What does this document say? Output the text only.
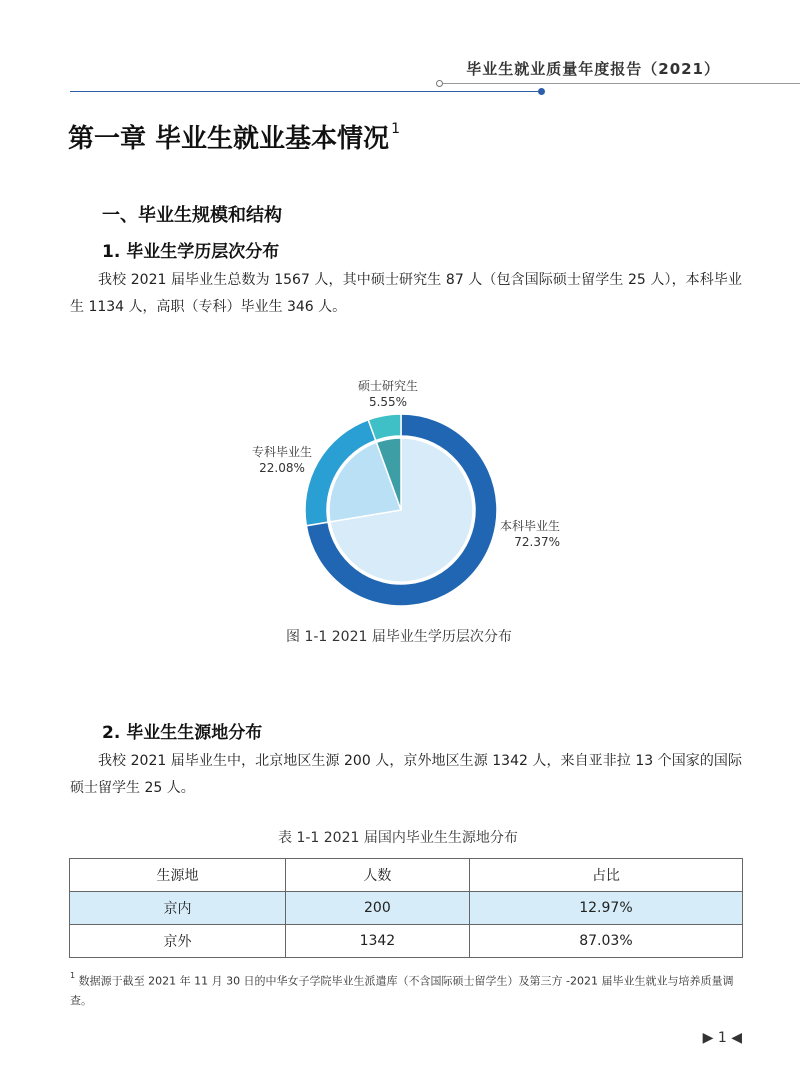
毕业生就业质量年度报告（2021）
第一章 毕业生就业基本情况 $^1$
一、毕业生规模和结构
1. 毕业生学历层次分布
我校 2021 届毕业生总数为 1567 人，其中硕士研究生 87 人（包含国际硕士留学生 25 人），本科毕业生 1134 人，高职（专科）毕业生 346 人。
本科毕业生
72.37%
专科毕业生
22.08%
硕士研究生
5.55%
图 1-1 2021 届毕业生学历层次分布
2. 毕业生生源地分布
我校 2021 届毕业生中，北京地区生源 200 人，京外地区生源 1342 人，来自亚非拉 13 个国家的国际硕士留学生 25 人。
表 1-1 2021 届国内毕业生生源地分布
生源地	人数	占比
京内	200	12.97%
京外	1342	87.03%
$^1$ 数据源于截至 2021 年 11 月 30 日的中华女子学院毕业生派遣库（不含国际硕士留学生）及第三方 -2021 届毕业生就业与培养质量调查。
▶ 1 ◀
